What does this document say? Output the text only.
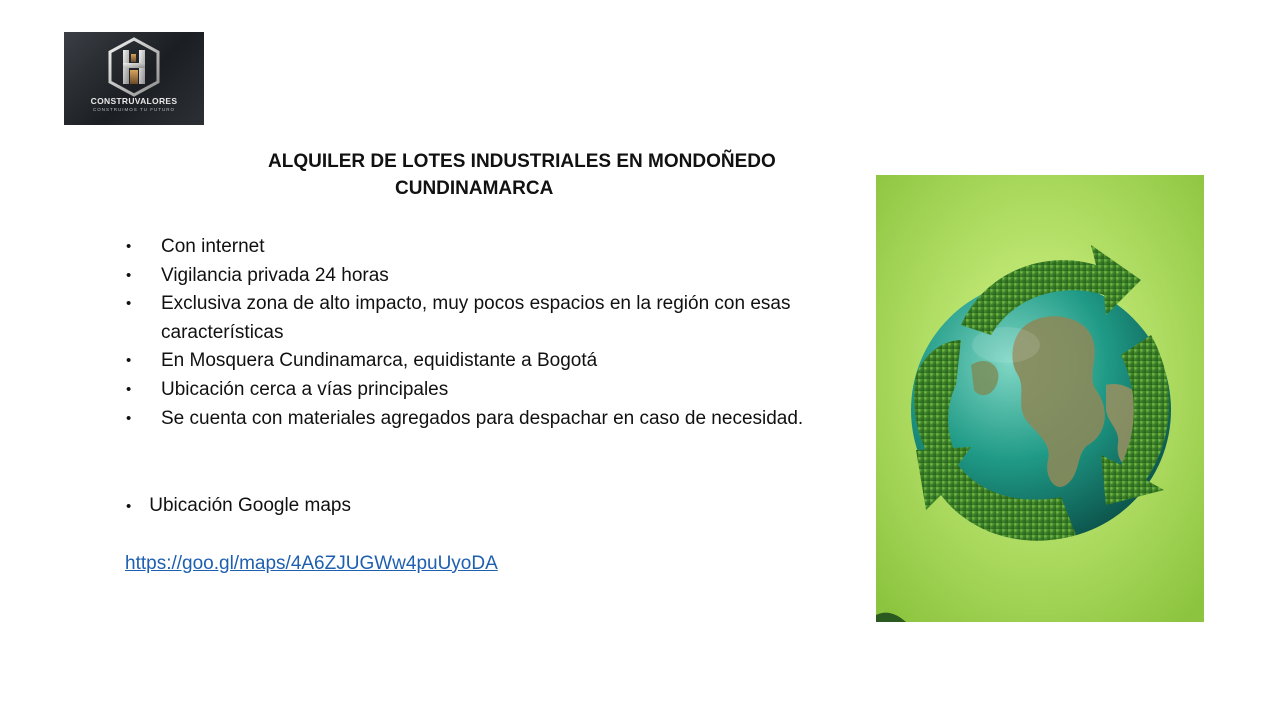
CONSTRUVALORES
CONSTRUIMOS TU FUTURO
ALQUILER DE LOTES INDUSTRIALES EN MONDOÑEDO
CUNDINAMARCA
• Con internet
• Vigilancia privada 24 horas
• Exclusiva zona de alto impacto, muy pocos espacios en la región con esas características
• En Mosquera Cundinamarca, equidistante a Bogotá
• Ubicación cerca a vías principales
• Se cuenta con materiales agregados para despachar en caso de necesidad.
• Ubicación Google maps
https://goo.gl/maps/4A6ZJUGWw4puUyoDA
